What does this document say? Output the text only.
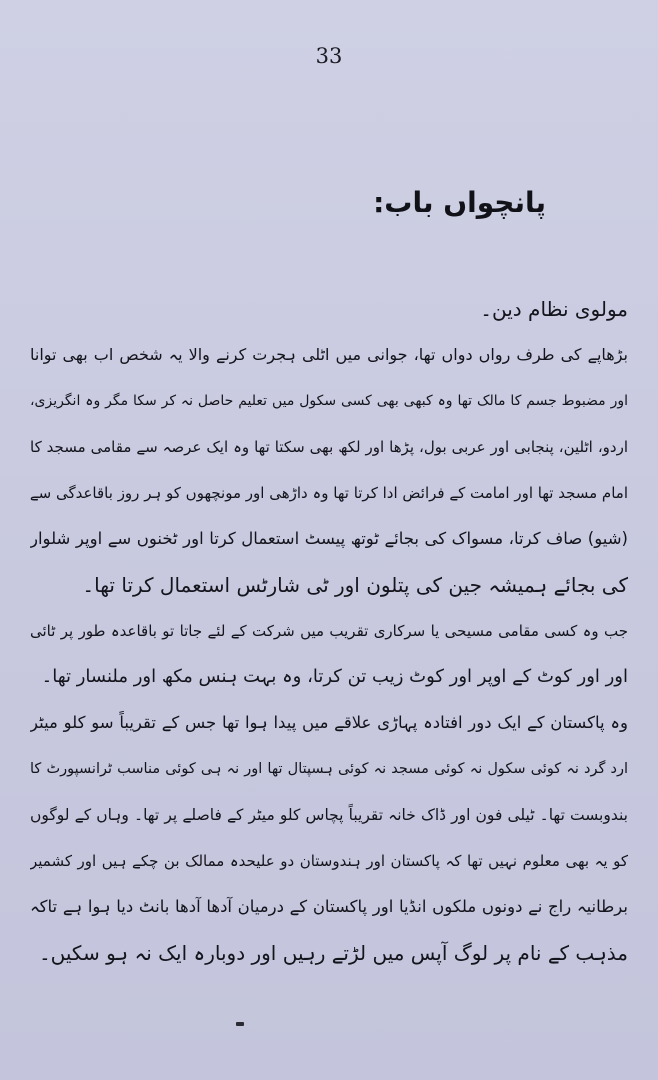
33
پانچواں باب:
مولوی نظام دین۔
بڑھاپے کی طرف رواں دواں تھا، جوانی میں اٹلی ہجرت کرنے والا یہ شخص اب بھی توانا
اور مضبوط جسم کا مالک تھا وہ کبھی بھی کسی سکول میں تعلیم حاصل نہ کر سکا مگر وہ انگریزی،
اردو، اٹلین، پنجابی اور عربی بول، پڑھا اور لکھ بھی سکتا تھا وہ ایک عرصہ سے مقامی مسجد کا
امام مسجد تھا اور امامت کے فرائض ادا کرتا تھا وہ داڑھی اور مونچھوں کو ہر روز باقاعدگی سے
(شیو) صاف کرتا، مسواک کی بجائے ٹوتھ پیسٹ استعمال کرتا اور ٹخنوں سے اوپر شلوار
کی بجائے ہمیشہ جین کی پتلون اور ٹی شارٹس استعمال کرتا تھا۔
جب وہ کسی مقامی مسیحی یا سرکاری تقریب میں شرکت کے لئے جاتا تو باقاعدہ طور پر ٹائی
اور اور کوٹ کے اوپر اور کوٹ زیب تن کرتا، وہ بہت ہنس مکھ اور ملنسار تھا۔
وہ پاکستان کے ایک دور افتادہ پہاڑی علاقے میں پیدا ہوا تھا جس کے تقریباً سو کلو میٹر
ارد گرد نہ کوئی سکول نہ کوئی مسجد نہ کوئی ہسپتال تھا اور نہ ہی کوئی مناسب ٹرانسپورٹ کا
بندوبست تھا۔ ٹیلی فون اور ڈاک خانہ تقریباً پچاس کلو میٹر کے فاصلے پر تھا۔ وہاں کے لوگوں
کو یہ بھی معلوم نہیں تھا کہ پاکستان اور ہندوستان دو علیحدہ ممالک بن چکے ہیں اور کشمیر
برطانیہ راج نے دونوں ملکوں انڈیا اور پاکستان کے درمیان آدھا آدھا بانٹ دیا ہوا ہے تاکہ
مذہب کے نام پر لوگ آپس میں لڑتے رہیں اور دوبارہ ایک نہ ہو سکیں۔
